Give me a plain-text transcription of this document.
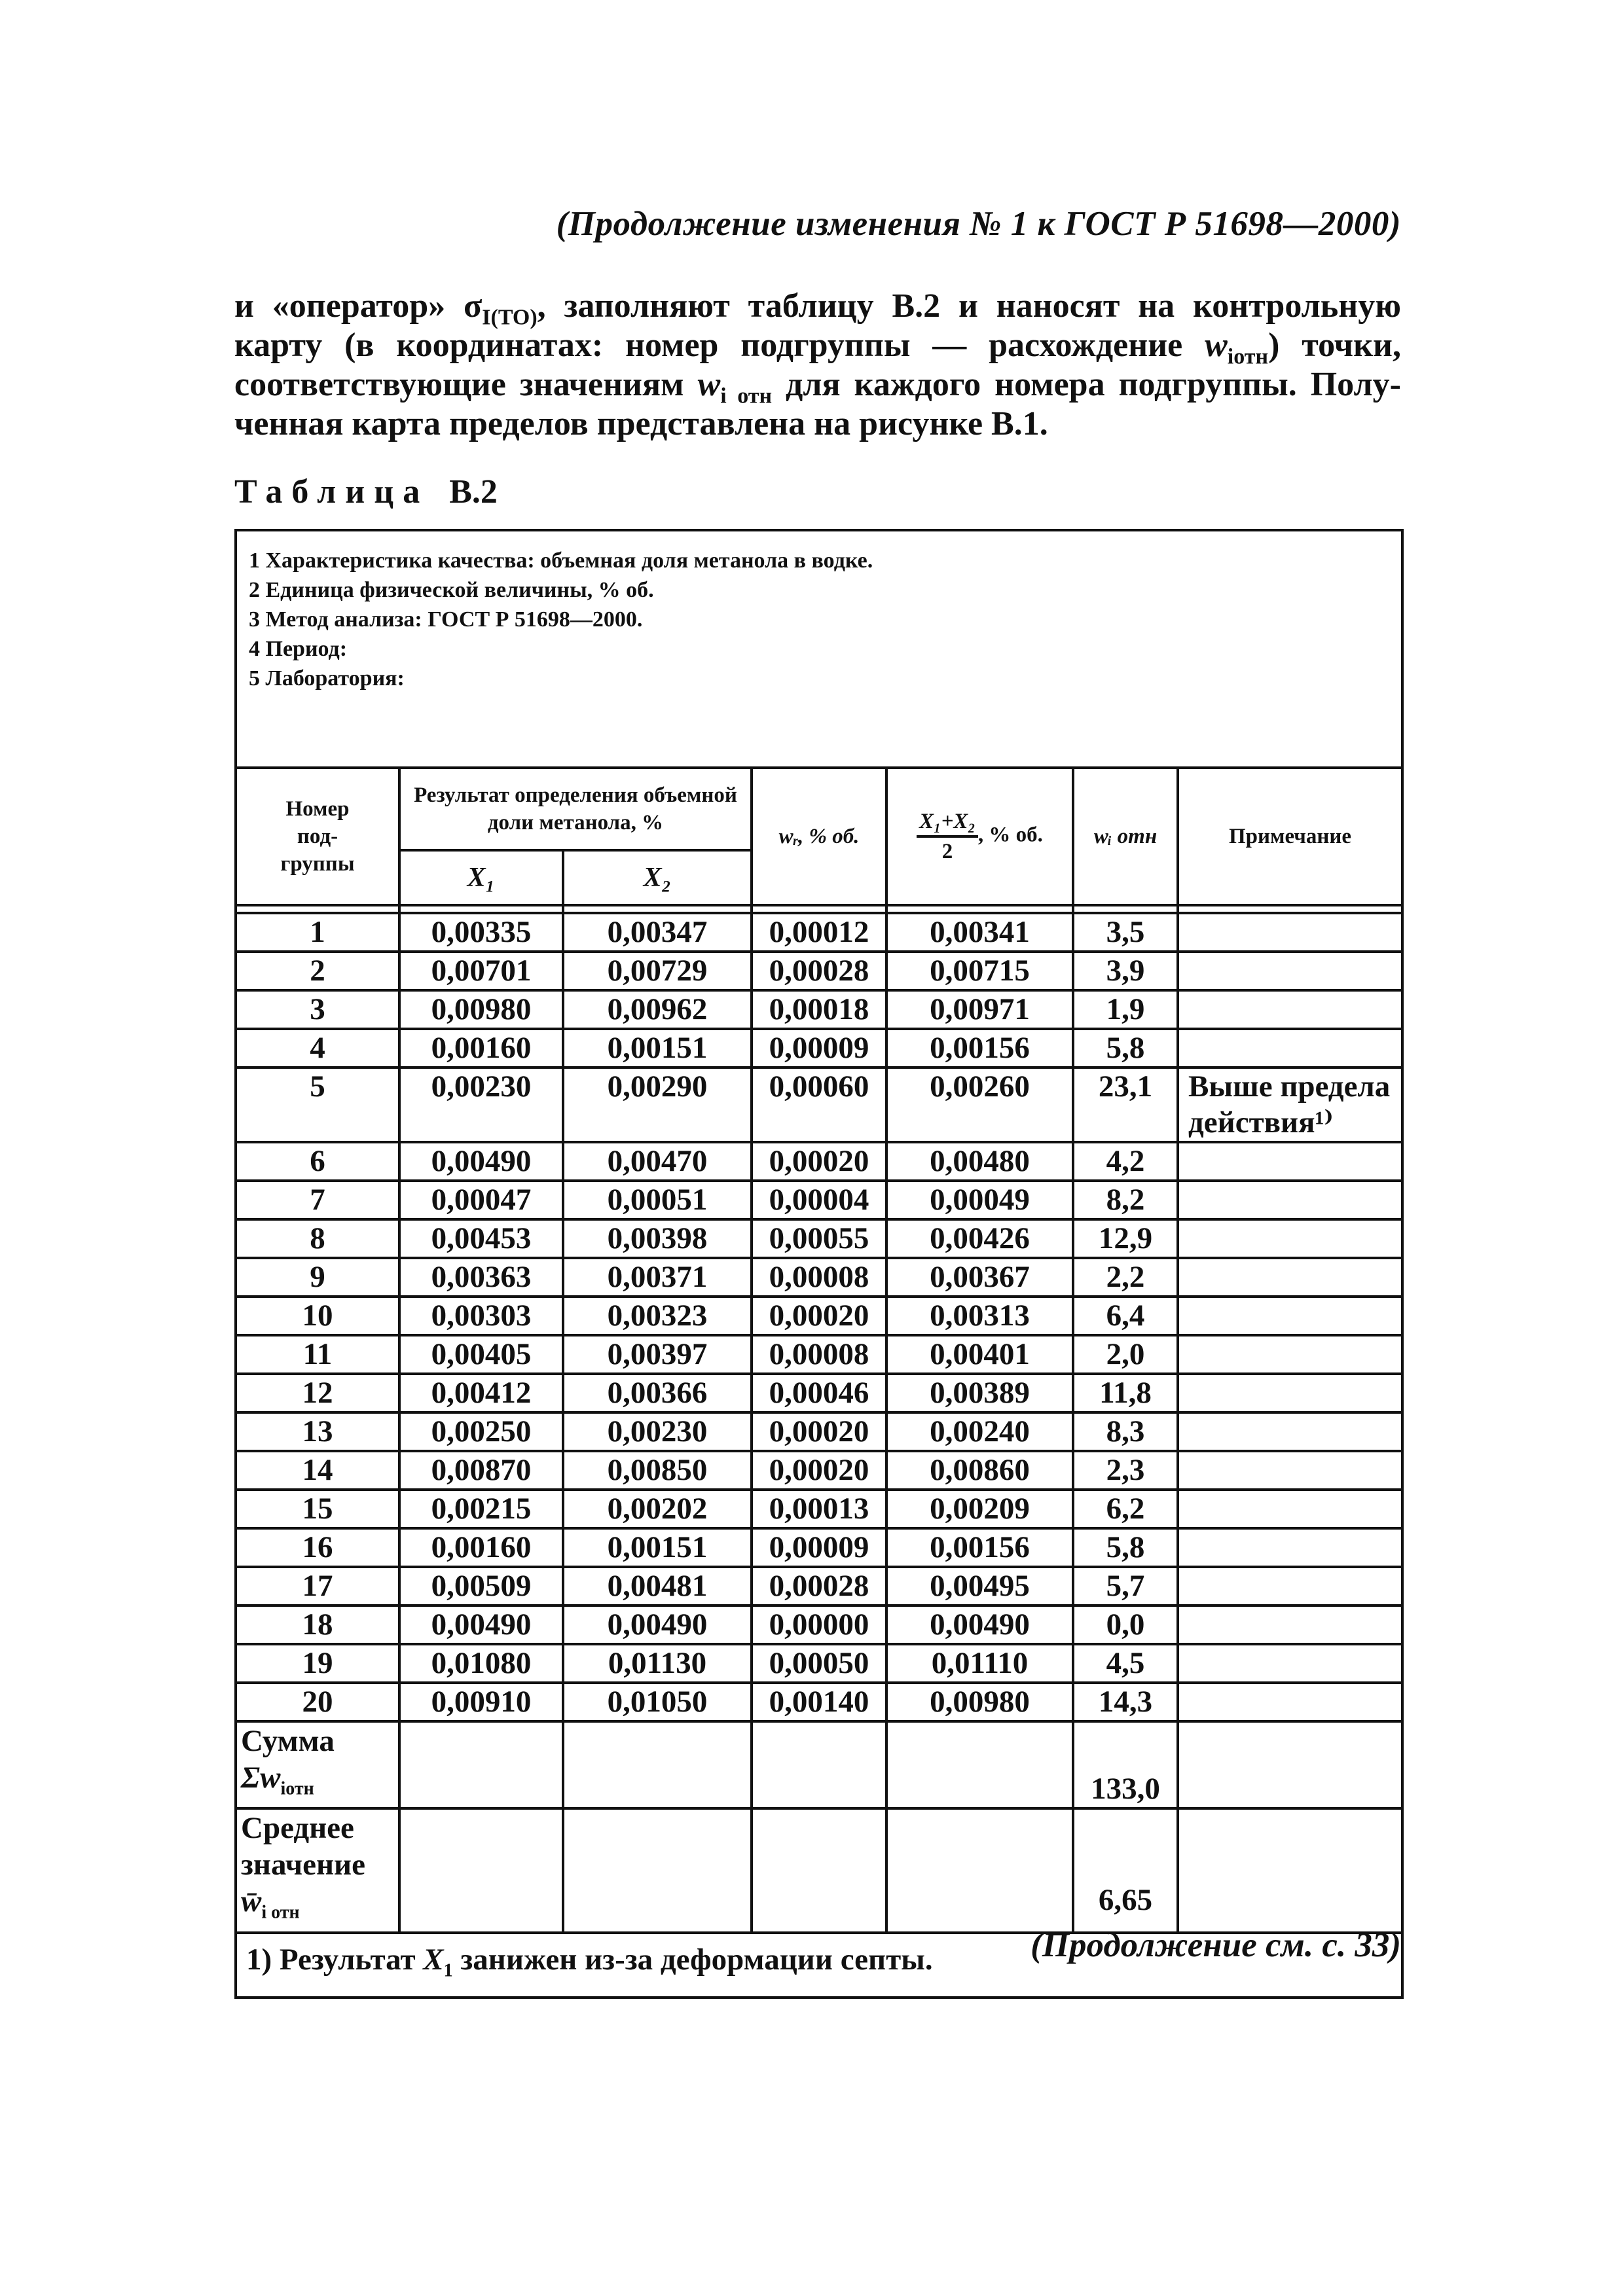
(Продолжение изменения № 1 к ГОСТ Р 51698—2000)
и «оператор» $\sigma_{I(TO)}$, заполняют таблицу В.2 и наносят на контрольную
карту (в координатах: номер подгруппы — расхождение $w_{iотн}$) точки,
соответствующие значениям $w_{i отн}$ для каждого номера подгруппы. Полу-
ченная карта пределов представлена на рисунке В.1.
Таблица В.2
1 Характеристика качества: объемная доля метанола в водке.
2 Единица физической величины, % об.
3 Метод анализа: ГОСТ Р 51698—2000.
4 Период:
5 Лаборатория:						

Номер под-группы	Результат определения объемной доли метанола, %		wᵣ, % об.	$\frac{\text{X₁+X₂}}{2}$ , % об.	wᵢ отн	Примечание
	X₁	X₂				

1	0,00335	0,00347	0,00012	0,00341	3,5	
2	0,00701	0,00729	0,00028	0,00715	3,9	
3	0,00980	0,00962	0,00018	0,00971	1,9	
4	0,00160	0,00151	0,00009	0,00156	5,8	
5	0,00230	0,00290	0,00060	0,00260	23,1	Выше предела действия¹⁾
6	0,00490	0,00470	0,00020	0,00480	4,2	
7	0,00047	0,00051	0,00004	0,00049	8,2	
8	0,00453	0,00398	0,00055	0,00426	12,9	
9	0,00363	0,00371	0,00008	0,00367	2,2	
10	0,00303	0,00323	0,00020	0,00313	6,4	
11	0,00405	0,00397	0,00008	0,00401	2,0	
12	0,00412	0,00366	0,00046	0,00389	11,8	
13	0,00250	0,00230	0,00020	0,00240	8,3	
14	0,00870	0,00850	0,00020	0,00860	2,3	
15	0,00215	0,00202	0,00013	0,00209	6,2	
16	0,00160	0,00151	0,00009	0,00156	5,8	
17	0,00509	0,00481	0,00028	0,00495	5,7	
18	0,00490	0,00490	0,00000	0,00490	0,0	
19	0,01080	0,01130	0,00050	0,01110	4,5	
20	0,00910	0,01050	0,00140	0,00980	14,3	

Сумма
$\Sigma w_{iотн}$					133,0	

Среднее
значение
$w̄_{i отн}$					6,65	
1) Результат $X_1$ занижен из-за деформации септы.							(Продолжение см. с. 33)
